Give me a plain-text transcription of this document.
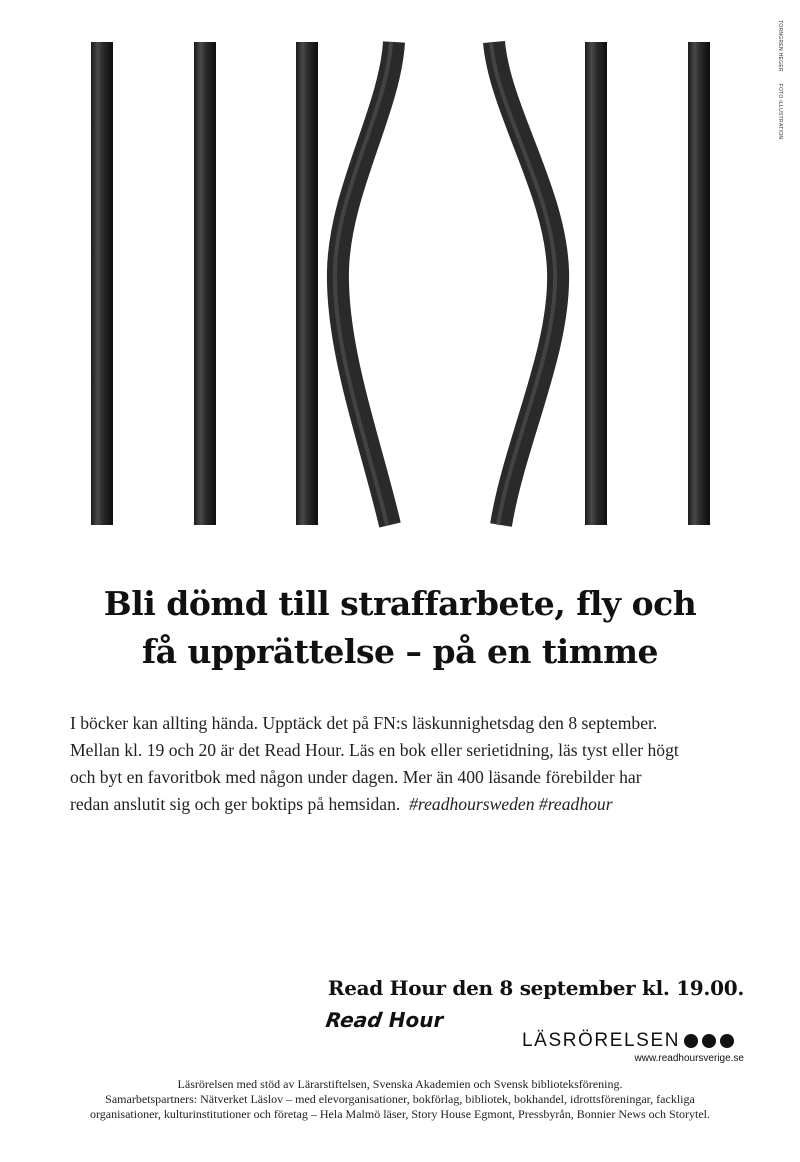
TORNGREN HEGER FOTO ILLUSTRATION
Bli dömd till straffarbete, fly och
få upprättelse – på en timme
I böcker kan allting hända. Upptäck det på FN:s läskunnighetsdag den 8 september.
Mellan kl. 19 och 20 är det Read Hour. Läs en bok eller serietidning, läs tyst eller högt
och byt en favoritbok med någon under dagen. Mer än 400 läsande förebilder har
redan anslutit sig och ger boktips på hemsidan. #readhoursweden #readhour
Read Hour den 8 september kl. 19.00.
Read Hour
LÄSRÖRELSEN
www.readhoursverige.se
Läsrörelsen med stöd av Lärarstiftelsen, Svenska Akademien och Svensk biblioteksförening.
Samarbetspartners: Nätverket Läslov – med elevorganisationer, bokförlag, bibliotek, bokhandel, idrottsföreningar, fackliga
organisationer, kulturinstitutioner och företag – Hela Malmö läser, Story House Egmont, Pressbyrån, Bonnier News och Storytel.
